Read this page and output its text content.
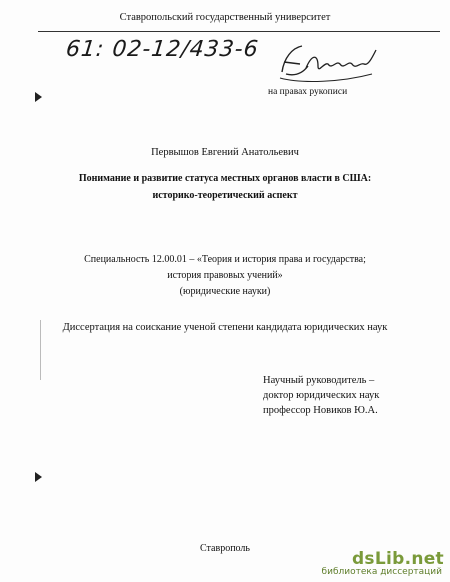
Ставропольский государственный университет
61: 02-12/433-6
на правах рукописи
Первышов Евгений Анатольевич
Понимание и развитие статуса местных органов власти в США:
историко-теоретический аспект
Специальность 12.00.01 – «Теория и история права и государства;
история правовых учений»
(юридические науки)
Диссертация на соискание ученой степени кандидата юридических наук
Научный руководитель –
доктор юридических наук
профессор Новиков Ю.А.
Ставрополь
dsLib.net
библиотека диссертаций
